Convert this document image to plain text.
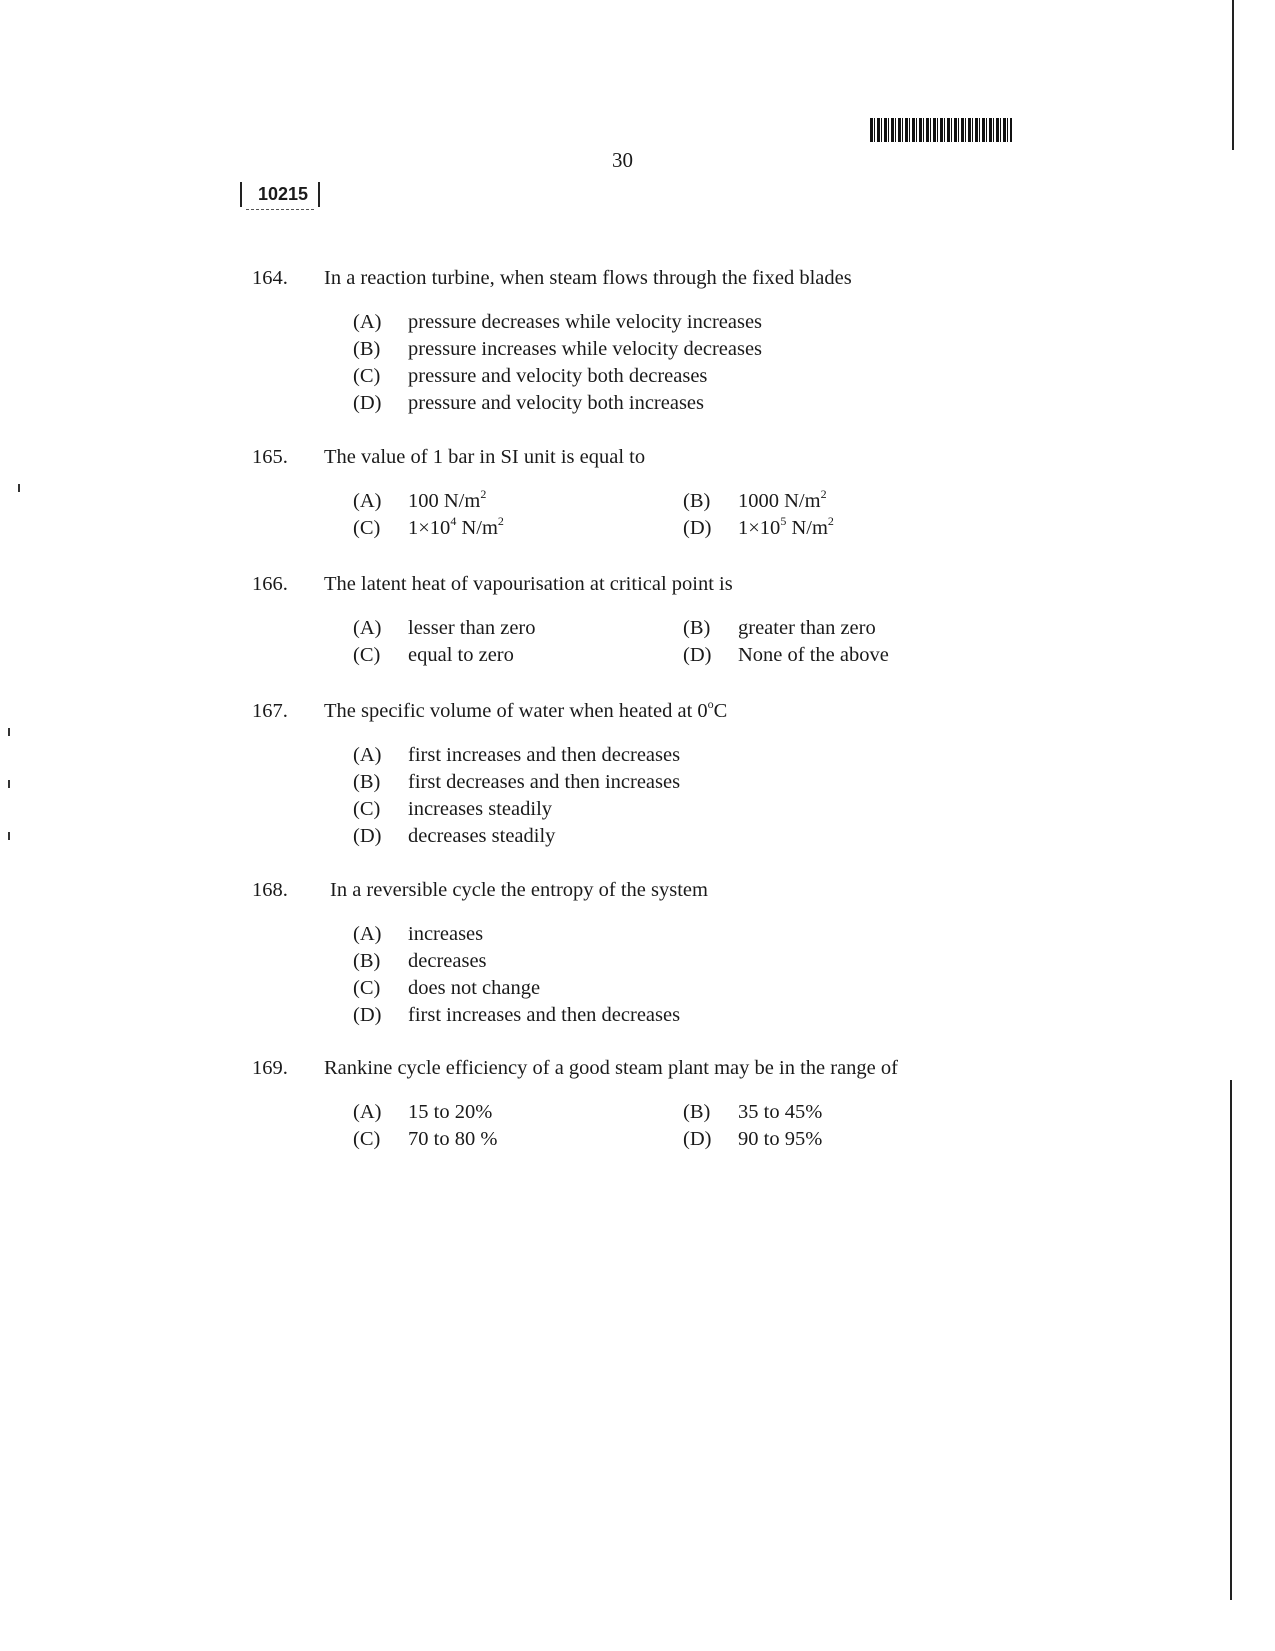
30
10215
164.	In a reaction turbine, when steam flows through the fixed blades
(A)	pressure decreases while velocity increases
(B)	pressure increases while velocity decreases
(C)	pressure and velocity both decreases
(D)	pressure and velocity both increases
165.	The value of 1 bar in SI unit is equal to
(A)	100 $N/m^2$	(B)	1000 $N/m^2$
(C)	$1\times 10^4$ $N/m^2$	(D)	$1\times 10^5$ $N/m^2$
166.	The latent heat of vapourisation at critical point is
(A)	lesser than zero	(B)	greater than zero
(C)	equal to zero	(D)	None of the above
167.	The specific volume of water when heated at 0$^o$C
(A)	first increases and then decreases
(B)	first decreases and then increases
(C)	increases steadily
(D)	decreases steadily
168.	In a reversible cycle the entropy of the system
(A)	increases
(B)	decreases
(C)	does not change
(D)	first increases and then decreases
169.	Rankine cycle efficiency of a good steam plant may be in the range of
(A)	15 to 20%	(B)	35 to 45%
(C)	70 to 80 %	(D)	90 to 95%
